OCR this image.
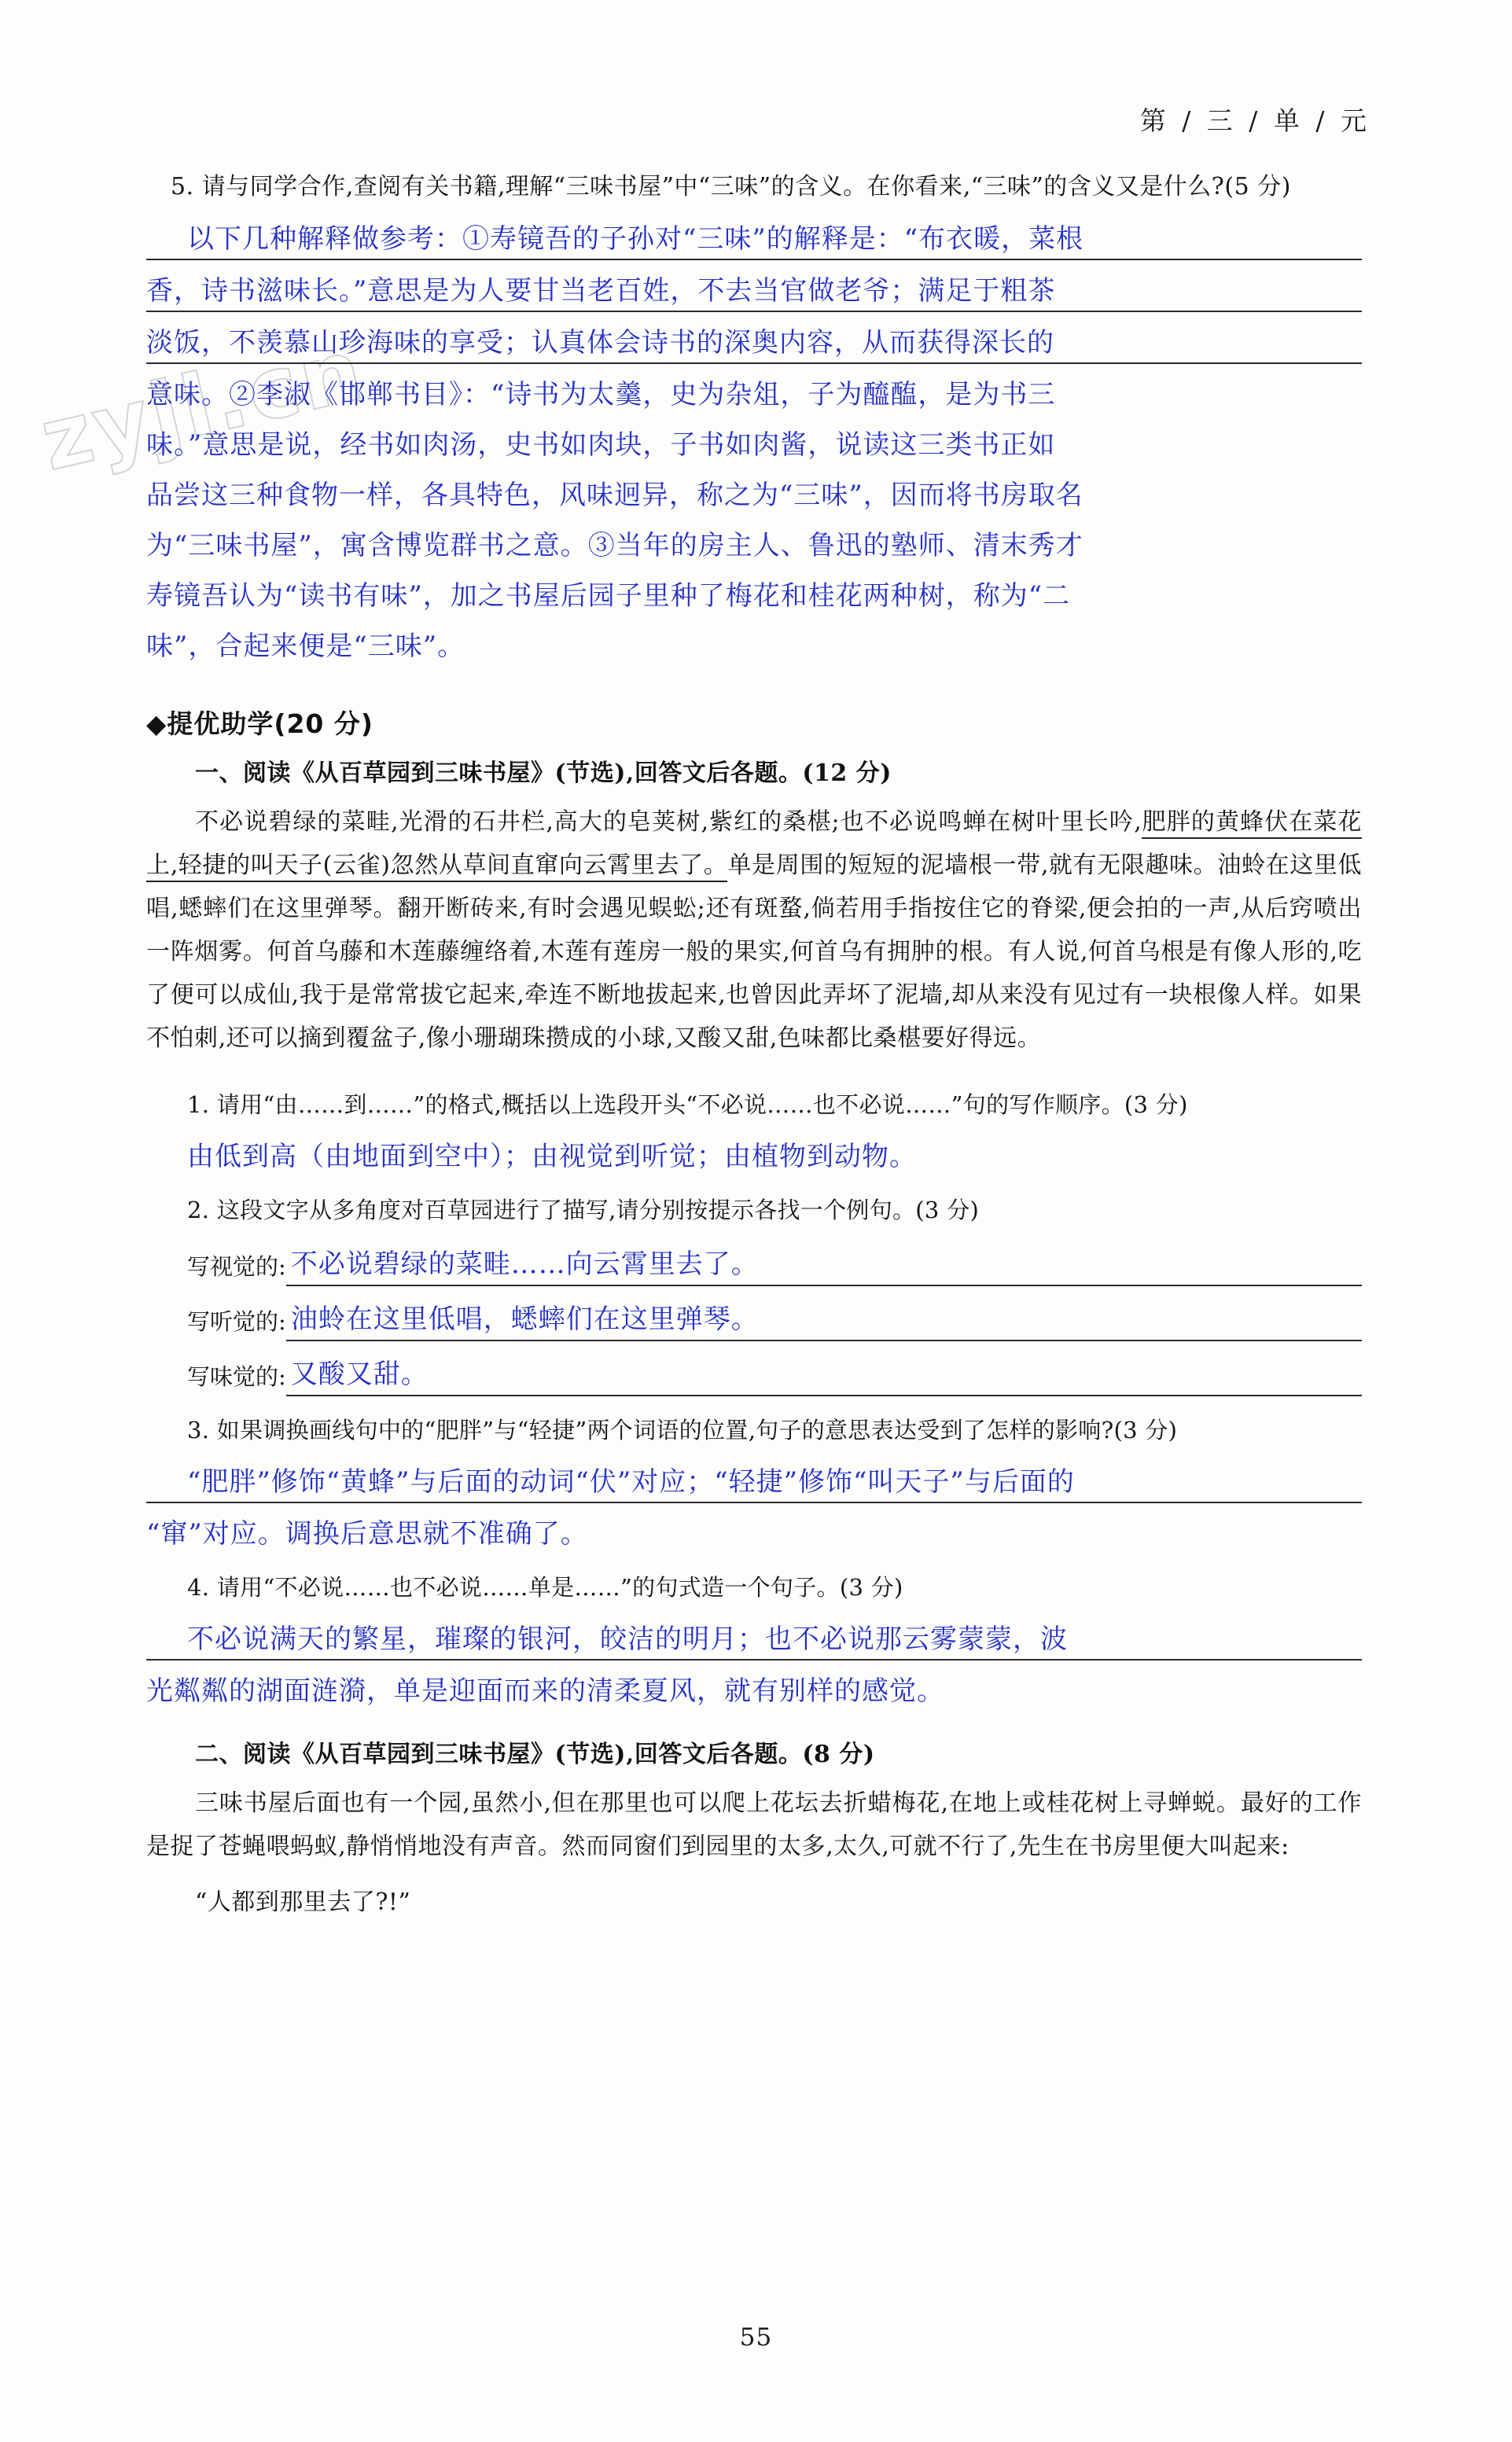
zyjl.cn
第 / 三 / 单 / 元

5. 请与同学合作‚查阅有关书籍‚理解“三味书屋”中“三味”的含义。在你看来‚“三味”的含义又是什么?(5 分)

以下几种解释做参考：①寿镜吾的子孙对“三味”的解释是：“布衣暖，菜根
香，诗书滋味长。”意思是为人要甘当老百姓，不去当官做老爷；满足于粗茶
淡饭，不羡慕山珍海味的享受；认真体会诗书的深奥内容，从而获得深长的
意味。②李淑《邯郸书目》：“诗书为太羹，史为杂俎，子为醯醢，是为书三
味。”意思是说，经书如肉汤，史书如肉块，子书如肉酱，说读这三类书正如
品尝这三种食物一样，各具特色，风味迥异，称之为“三味”，因而将书房取名
为“三味书屋”，寓含博览群书之意。③当年的房主人、鲁迅的塾师、清末秀才
寿镜吾认为“读书有味”，加之书屋后园子里种了梅花和桂花两种树，称为“二
味”，合起来便是“三味”。

◆提优助学(20 分)

一、阅读《从百草园到三味书屋》(节选)‚回答文后各题。(12 分)

不必说碧绿的菜畦‚光滑的石井栏‚高大的皂荚树‚紫红的桑椹;也不必说鸣蝉在树叶里长吟‚肥胖的黄蜂伏在菜花上‚轻捷的叫天子(云雀)忽然从草间直窜向云霄里去了。单是周围的短短的泥墙根一带‚就有无限趣味。油蛉在这里低唱‚蟋蟀们在这里弹琴。翻开断砖来‚有时会遇见蜈蚣;还有斑蝥‚倘若用手指按住它的脊梁‚便会拍的一声‚从后窍喷出一阵烟雾。何首乌藤和木莲藤缠络着‚木莲有莲房一般的果实‚何首乌有拥肿的根。有人说‚何首乌根是有像人形的‚吃了便可以成仙‚我于是常常拔它起来‚牵连不断地拔起来‚也曾因此弄坏了泥墙‚却从来没有见过有一块根像人样。如果不怕刺‚还可以摘到覆盆子‚像小珊瑚珠攒成的小球‚又酸又甜‚色味都比桑椹要好得远。

1. 请用“由……到……”的格式‚概括以上选段开头“不必说……也不必说……”句的写作顺序。(3 分)

由低到高（由地面到空中）；由视觉到听觉；由植物到动物。

2. 这段文字从多角度对百草园进行了描写‚请分别按提示各找一个例句。(3 分)

写视觉的: 不必说碧绿的菜畦……向云霄里去了。
写听觉的: 油蛉在这里低唱，蟋蟀们在这里弹琴。
写味觉的: 又酸又甜。

3. 如果调换画线句中的“肥胖”与“轻捷”两个词语的位置‚句子的意思表达受到了怎样的影响?(3 分)

“肥胖”修饰“黄蜂”与后面的动词“伏”对应；“轻捷”修饰“叫天子”与后面的
“窜”对应。调换后意思就不准确了。

4. 请用“不必说……也不必说……单是……”的句式造一个句子。(3 分)

不必说满天的繁星，璀璨的银河，皎洁的明月；也不必说那云雾蒙蒙，波
光粼粼的湖面涟漪，单是迎面而来的清柔夏风，就有别样的感觉。

二、阅读《从百草园到三味书屋》(节选)‚回答文后各题。(8 分)

三味书屋后面也有一个园‚虽然小‚但在那里也可以爬上花坛去折蜡梅花‚在地上或桂花树上寻蝉蜕。最好的工作是捉了苍蝇喂蚂蚁‚静悄悄地没有声音。然而同窗们到园里的太多‚太久‚可就不行了‚先生在书房里便大叫起来:

“人都到那里去了?!”

55
